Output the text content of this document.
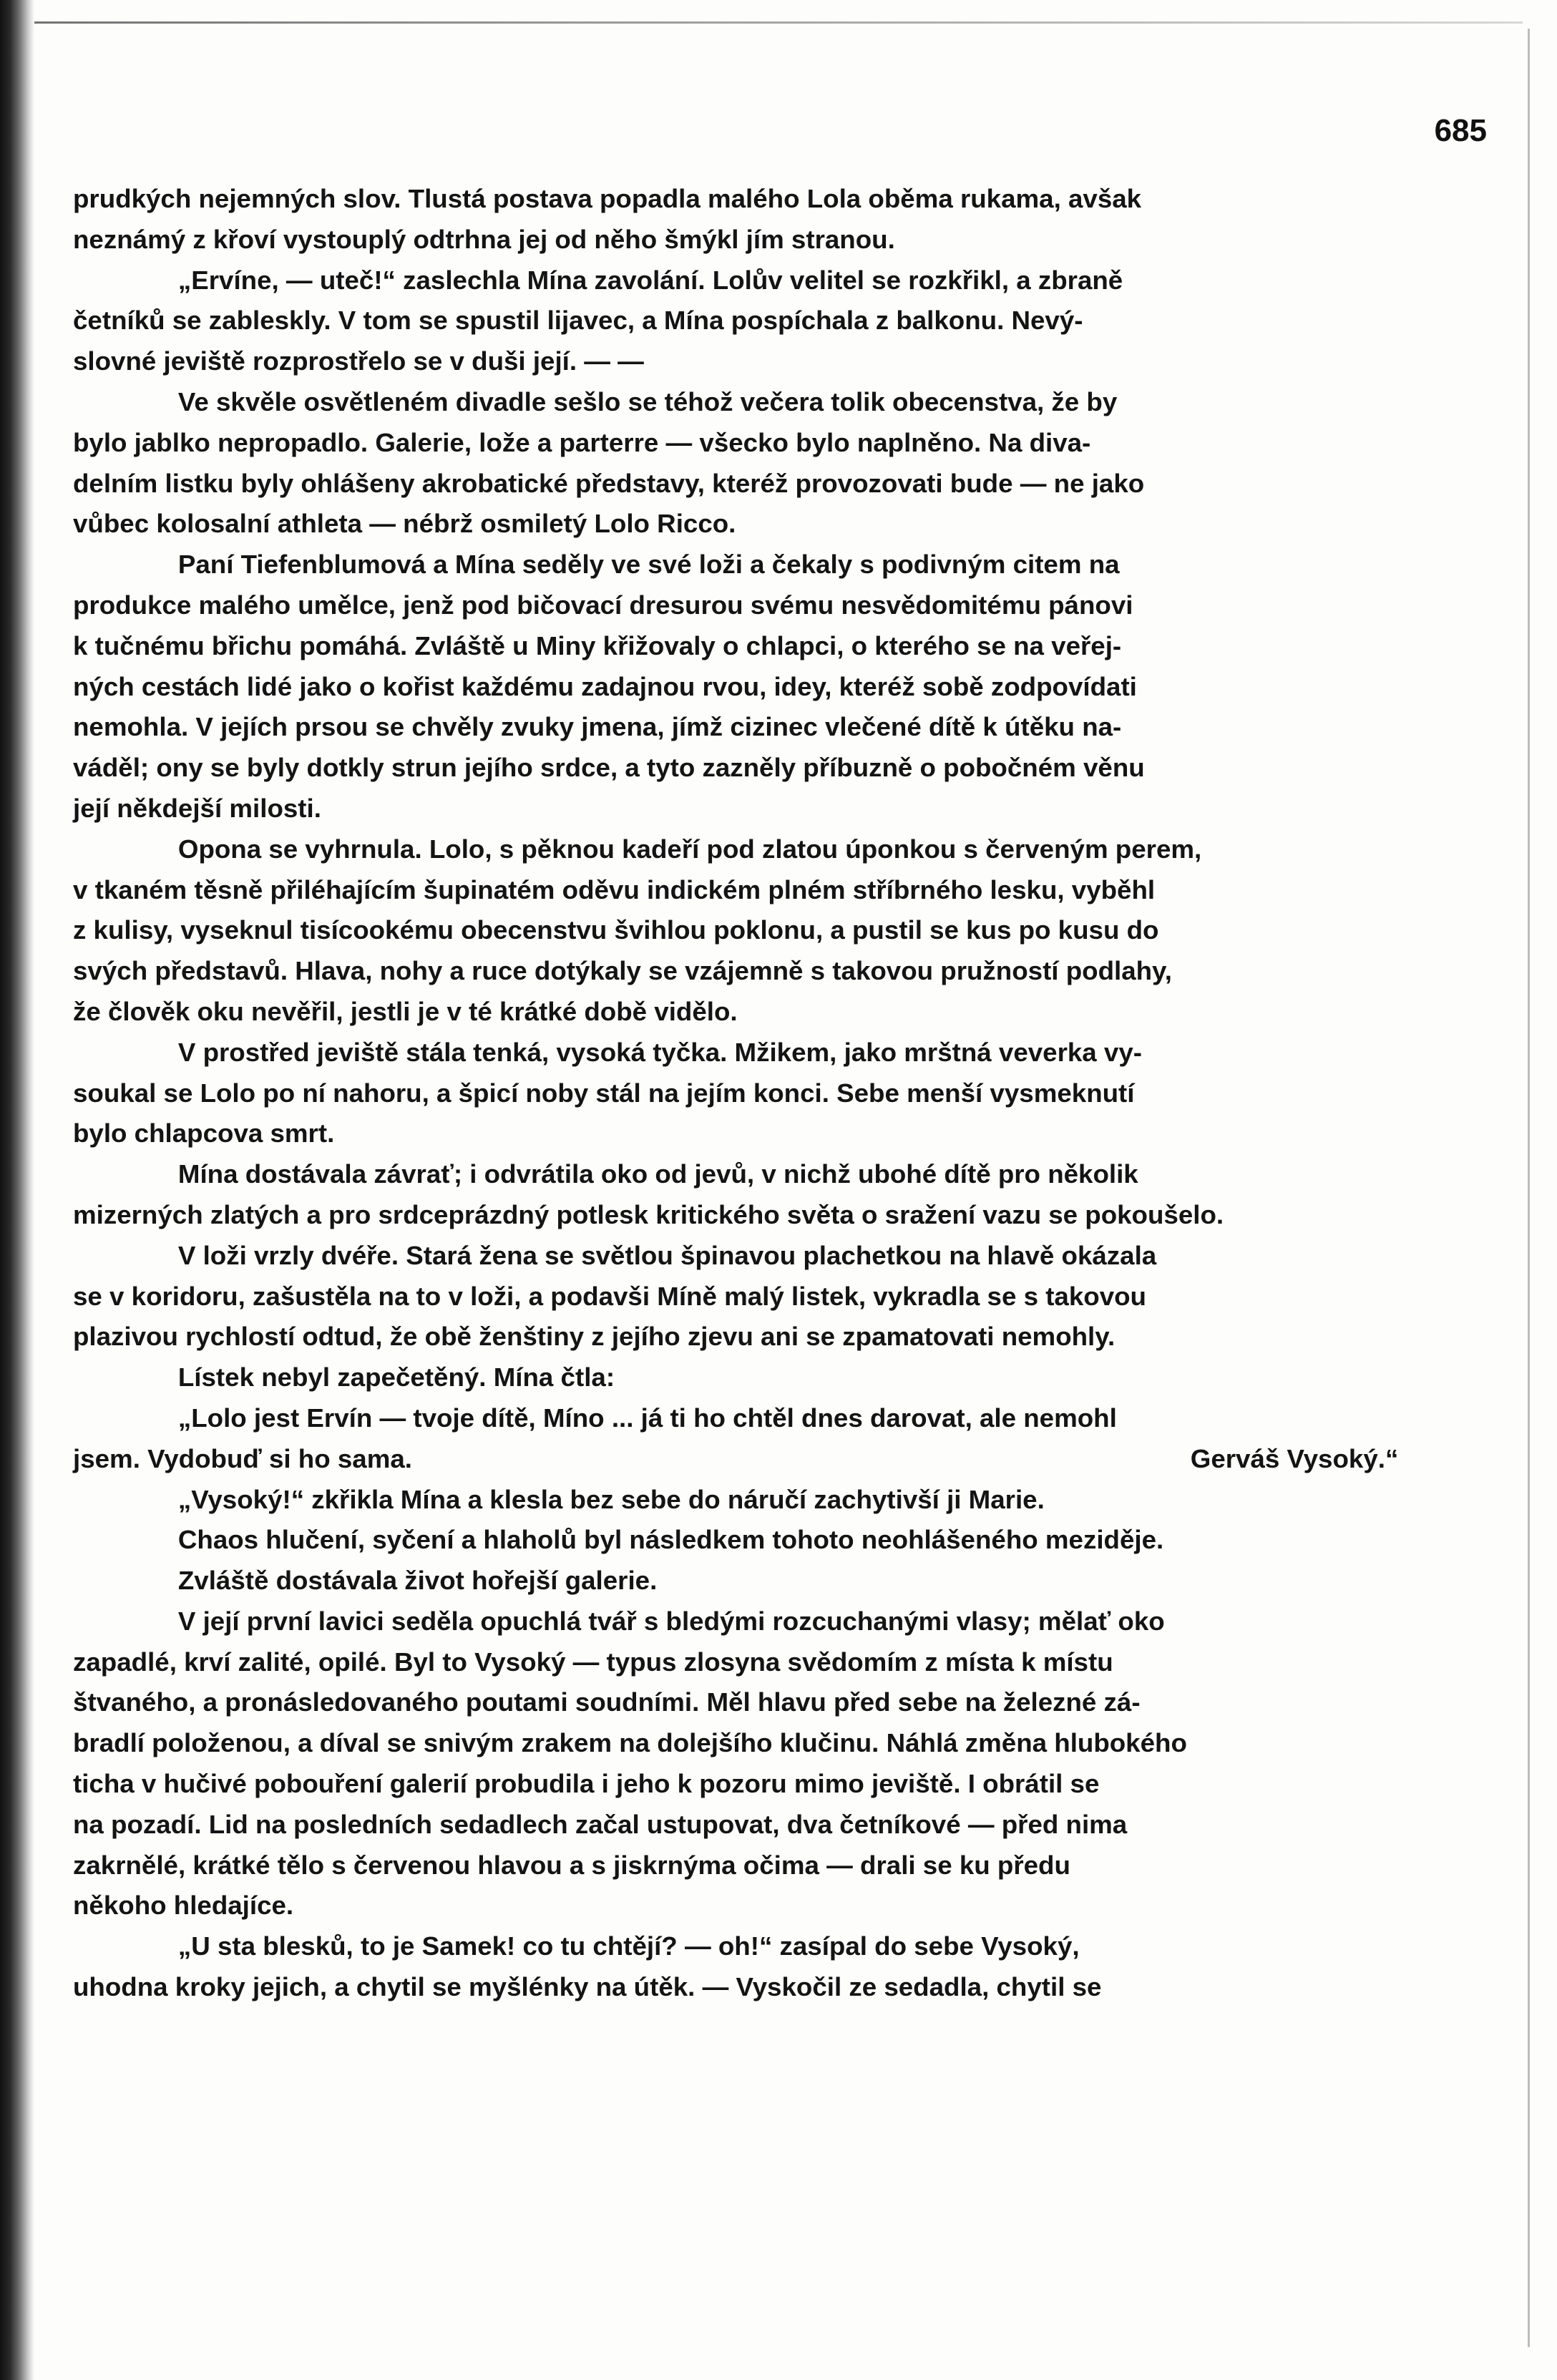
685

prudkých nejemných slov. Tlustá postava popadla malého Lola oběma rukama, avšak

neznámý z křoví vystouplý odtrhna jej od něho šmýkl jím stranou.

„Ervíne, — uteč!“ zaslechla Mína zavolání. Lolův velitel se rozkřikl, a zbraně

četníků se zableskly. V tom se spustil lijavec, a Mína pospíchala z balkonu. Nevý-

slovné jeviště rozprostřelo se v duši její. — —

Ve skvěle osvětleném divadle sešlo se téhož večera tolik obecenstva, že by

bylo jablko nepropadlo. Galerie, lože a parterre — všecko bylo naplněno. Na diva-

delním listku byly ohlášeny akrobatické představy, kteréž provozovati bude — ne jako

vůbec kolosalní athleta — nébrž osmiletý Lolo Ricco.

Paní Tiefenblumová a Mína seděly ve své loži a čekaly s podivným citem na

produkce malého umělce, jenž pod bičovací dresurou svému nesvědomitému pánovi

k tučnému břichu pomáhá. Zvláště u Miny křižovaly o chlapci, o kterého se na veřej-

ných cestách lidé jako o kořist každému zadajnou rvou, idey, kteréž sobě zodpovídati

nemohla. V jejích prsou se chvěly zvuky jmena, jímž cizinec vlečené dítě k útěku na-

váděl; ony se byly dotkly strun jejího srdce, a tyto zazněly příbuzně o pobočném věnu

její někdejší milosti.

Opona se vyhrnula. Lolo, s pěknou kadeří pod zlatou úponkou s červeným perem,

v tkaném těsně přiléhajícím šupinatém oděvu indickém plném stříbrného lesku, vyběhl

z kulisy, vyseknul tisícookému obecenstvu švihlou poklonu, a pustil se kus po kusu do

svých představů. Hlava, nohy a ruce dotýkaly se vzájemně s takovou pružností podlahy,

že člověk oku nevěřil, jestli je v té krátké době vidělo.

V prostřed jeviště stála tenká, vysoká tyčka. Mžikem, jako mrštná veverka vy-

soukal se Lolo po ní nahoru, a špicí noby stál na jejím konci. Sebe menší vysmeknutí

bylo chlapcova smrt.

Mína dostávala závrať; i odvrátila oko od jevů, v nichž ubohé dítě pro několik

mizerných zlatých a pro srdceprázdný potlesk kritického světa o sražení vazu se pokoušelo.

V loži vrzly dvéře. Stará žena se světlou špinavou plachetkou na hlavě okázala

se v koridoru, zašustěla na to v loži, a podavši Míně malý listek, vykradla se s takovou

plazivou rychlostí odtud, že obě ženštiny z jejího zjevu ani se zpamatovati nemohly.

Lístek nebyl zapečetěný. Mína čtla:

„Lolo jest Ervín — tvoje dítě, Míno ... já ti ho chtěl dnes darovat, ale nemohl

jsem. Vydobuď si ho sama.	Gerváš Vysoký.“

„Vysoký!“ zkřikla Mína a klesla bez sebe do náručí zachytivší ji Marie.

Chaos hlučení, syčení a hlaholů byl následkem tohoto neohlášeného meziděje.

Zvláště dostávala život hořejší galerie.

V její první lavici seděla opuchlá tvář s bledými rozcuchanými vlasy; mělať oko

zapadlé, krví zalité, opilé. Byl to Vysoký — typus zlosyna svědomím z místa k místu

štvaného, a pronásledovaného poutami soudními. Měl hlavu před sebe na železné zá-

bradlí položenou, a díval se snivým zrakem na dolejšího klučinu. Náhlá změna hlubokého

ticha v hučivé pobouření galerií probudila i jeho k pozoru mimo jeviště. I obrátil se

na pozadí. Lid na posledních sedadlech začal ustupovat, dva četníkové — před nima

zakrnělé, krátké tělo s červenou hlavou a s jiskrnýma očima — drali se ku předu

někoho hledajíce.

„U sta blesků, to je Samek! co tu chtějí? — oh!“ zasípal do sebe Vysoký,

uhodna kroky jejich, a chytil se myšlénky na útěk. — Vyskočil ze sedadla, chytil se
